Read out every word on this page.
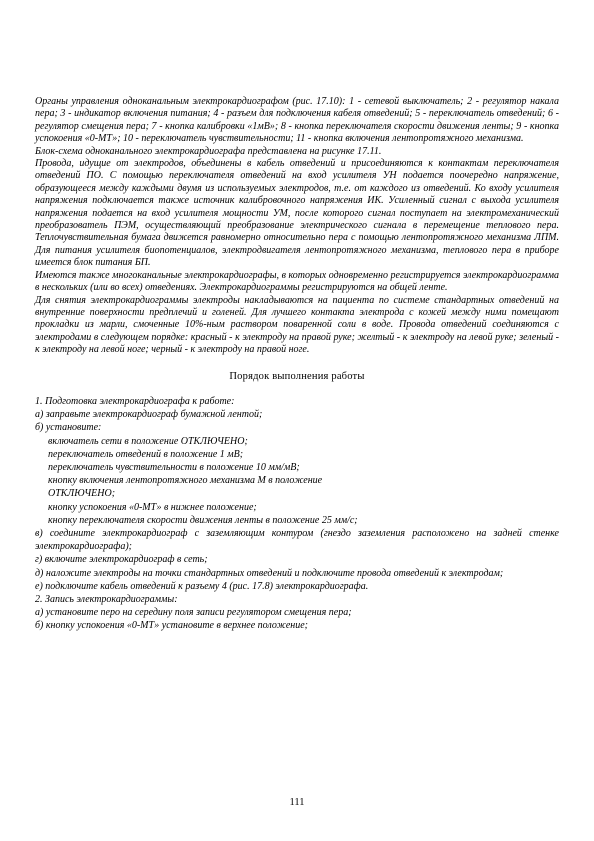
Органы управления одноканальным электрокардиографом (рис. 17.10): 1 - сетевой выключатель; 2 - регулятор накала пера; 3 - индикатор включения питания; 4 - разъем для подключения кабеля отведений; 5 - переключатель отведений; 6 - регулятор смещения пера; 7 - кнопка калибровки «1мВ»; 8 - кнопка переключателя скорости движения ленты; 9 - кнопка успокоения «0-МТ»; 10 - переключатель чувствительности; 11 - кнопка включения лентопротяжного механизма.

Блок-схема одноканального электрокардиографа представлена на рисунке 17.11.

Провода, идущие от электродов, объединены в кабель отведений и присоединяются к контактам переключателя отведений ПО. С помощью переключателя отведений на вход усилителя УН подается поочередно напряжение, образующееся между каждыми двумя из используемых электродов, т.е. от каждого из отведений. Ко входу усилителя напряжения подключается также источник калибровочного напряжения ИК. Усиленный сигнал с выхода усилителя напряжения подается на вход усилителя мощности УМ, после которого сигнал поступает на электромеханический преобразователь ПЭМ, осуществляющий преобразование электрического сигнала в перемещение теплового пера. Теплочувствительная бумага движется равномерно относительно пера с помощью лентопротяжного механизма ЛПМ. Для питания усилителя биопотенциалов, электродвигателя лентопротяжного механизма, теплового пера в приборе имеется блок питания БП.

Имеются также многоканальные электрокардиографы, в которых одновременно регистрируется электрокардиограмма в нескольких (или во всех) отведениях. Электрокардиограммы регистрируются на общей ленте.

Для снятия электрокардиограммы электроды накладываются на пациента по системе стандартных отведений на внутренние поверхности предплечий и голеней. Для лучшего контакта электрода с кожей между ними помещают прокладки из марли, смоченные 10%-ным раствором поваренной соли в воде. Провода отведений соединяются с электродами в следующем порядке: красный - к электроду на правой руке; желтый - к электроду на левой руке; зеленый - к электроду на левой ноге; черный - к электроду на правой ноге.

Порядок выполнения работы

1. Подготовка электрокардиографа к работе:

а) заправьте электрокардиограф бумажной лентой;

б) установите:

включатель сети в положение ОТКЛЮЧЕНО;

переключатель отведений в положение 1 мВ;

переключатель чувствительности в положение 10 мм/мВ;

кнопку включения лентопротяжного механизма М в положение

ОТКЛЮЧЕНО;

кнопку успокоения «0-МТ» в нижнее положение;

кнопку переключателя скорости движения ленты в положение 25 мм/с;

в) соедините электрокардиограф с заземляющим контуром (гнездо заземления расположено на задней стенке электрокардиографа);

г) включите электрокардиограф в сеть;

д) наложите электроды на точки стандартных отведений и подключите провода отведений к электродам;

е) подключите кабель отведений к разъему 4 (рис. 17.8) электрокардиографа.

2. Запись электрокардиограммы:

а) установите перо на середину поля записи регулятором смещения пера;

б) кнопку успокоения «0-МТ» установите в верхнее положение;

111
